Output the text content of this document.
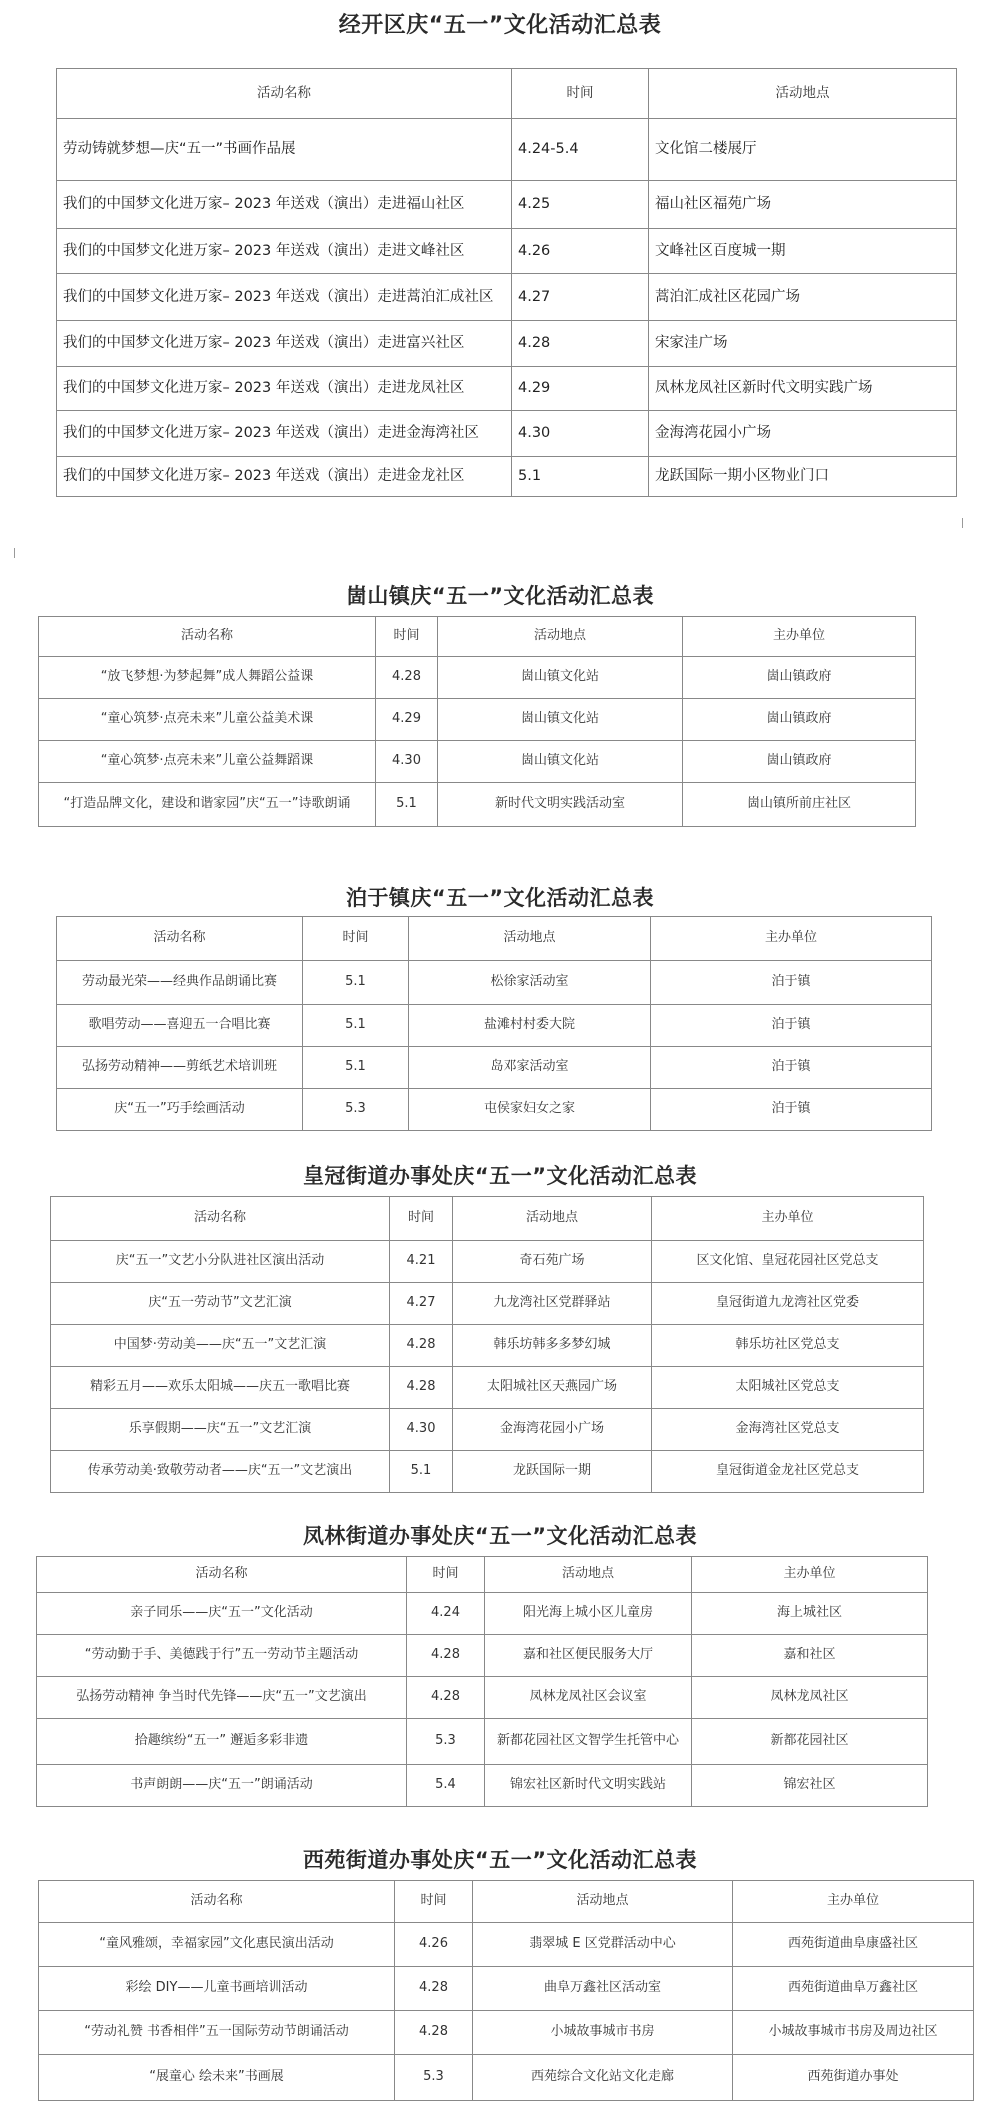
经开区庆“五一”文化活动汇总表
活动名称	时间	活动地点
劳动铸就梦想—庆“五一”书画作品展	4.24-5.4	文化馆二楼展厅
我们的中国梦文化进万家– 2023 年送戏（演出）走进福山社区	4.25	福山社区福苑广场
我们的中国梦文化进万家– 2023 年送戏（演出）走进文峰社区	4.26	文峰社区百度城一期
我们的中国梦文化进万家– 2023 年送戏（演出）走进蒿泊汇成社区	4.27	蒿泊汇成社区花园广场
我们的中国梦文化进万家– 2023 年送戏（演出）走进富兴社区	4.28	宋家洼广场
我们的中国梦文化进万家– 2023 年送戏（演出）走进龙凤社区	4.29	凤林龙凤社区新时代文明实践广场
我们的中国梦文化进万家– 2023 年送戏（演出）走进金海湾社区	4.30	金海湾花园小广场
我们的中国梦文化进万家– 2023 年送戏（演出）走进金龙社区	5.1	龙跃国际一期小区物业门口
崮山镇庆“五一”文化活动汇总表
活动名称	时间	活动地点	主办单位
“放飞梦想·为梦起舞”成人舞蹈公益课	4.28	崮山镇文化站	崮山镇政府
“童心筑梦·点亮未来”儿童公益美术课	4.29	崮山镇文化站	崮山镇政府
“童心筑梦·点亮未来”儿童公益舞蹈课	4.30	崮山镇文化站	崮山镇政府
“打造品牌文化，建设和谐家园”庆“五一”诗歌朗诵	5.1	新时代文明实践活动室	崮山镇所前庄社区
泊于镇庆“五一”文化活动汇总表
活动名称	时间	活动地点	主办单位
劳动最光荣——经典作品朗诵比赛	5.1	松徐家活动室	泊于镇
歌唱劳动——喜迎五一合唱比赛	5.1	盐滩村村委大院	泊于镇
弘扬劳动精神——剪纸艺术培训班	5.1	岛邓家活动室	泊于镇
庆“五一”巧手绘画活动	5.3	屯侯家妇女之家	泊于镇
皇冠街道办事处庆“五一”文化活动汇总表
活动名称	时间	活动地点	主办单位
庆“五一”文艺小分队进社区演出活动	4.21	奇石苑广场	区文化馆、皇冠花园社区党总支
庆“五一劳动节”文艺汇演	4.27	九龙湾社区党群驿站	皇冠街道九龙湾社区党委
中国梦·劳动美——庆“五一”文艺汇演	4.28	韩乐坊韩多多梦幻城	韩乐坊社区党总支
精彩五月——欢乐太阳城——庆五一歌唱比赛	4.28	太阳城社区天燕园广场	太阳城社区党总支
乐享假期——庆“五一”文艺汇演	4.30	金海湾花园小广场	金海湾社区党总支
传承劳动美·致敬劳动者——庆“五一”文艺演出	5.1	龙跃国际一期	皇冠街道金龙社区党总支
凤林街道办事处庆“五一”文化活动汇总表
活动名称	时间	活动地点	主办单位
亲子同乐——庆“五一”文化活动	4.24	阳光海上城小区儿童房	海上城社区
“劳动勤于手、美德践于行”五一劳动节主题活动	4.28	嘉和社区便民服务大厅	嘉和社区
弘扬劳动精神 争当时代先锋——庆“五一”文艺演出	4.28	凤林龙凤社区会议室	凤林龙凤社区
拾趣缤纷“五一” 邂逅多彩非遗	5.3	新都花园社区文智学生托管中心	新都花园社区
书声朗朗——庆“五一”朗诵活动	5.4	锦宏社区新时代文明实践站	锦宏社区
西苑街道办事处庆“五一”文化活动汇总表
活动名称	时间	活动地点	主办单位
“童风雅颂，幸福家园”文化惠民演出活动	4.26	翡翠城 E 区党群活动中心	西苑街道曲阜康盛社区
彩绘 DIY——儿童书画培训活动	4.28	曲阜万鑫社区活动室	西苑街道曲阜万鑫社区
“劳动礼赞 书香相伴”五一国际劳动节朗诵活动	4.28	小城故事城市书房	小城故事城市书房及周边社区
“展童心 绘未来”书画展	5.3	西苑综合文化站文化走廊	西苑街道办事处
